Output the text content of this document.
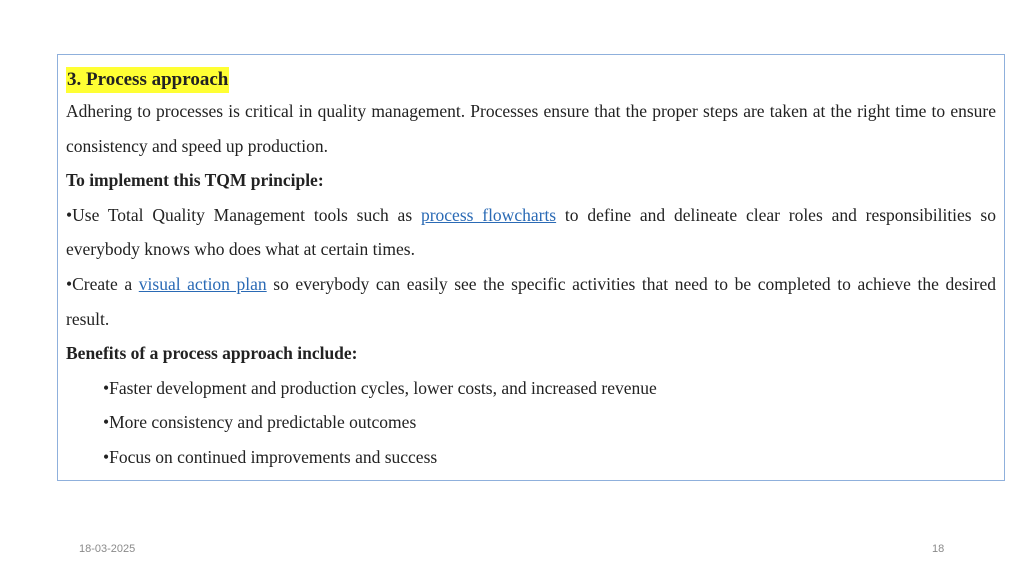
3. Process approach

Adhering to processes is critical in quality management. Processes ensure that the proper steps are taken at the right time to ensure consistency and speed up production.

To implement this TQM principle:

•Use Total Quality Management tools such as process flowcharts to define and delineate clear roles and responsibilities so everybody knows who does what at certain times.

•Create a visual action plan so everybody can easily see the specific activities that need to be completed to achieve the desired result.

Benefits of a process approach include:

•Faster development and production cycles, lower costs, and increased revenue

•More consistency and predictable outcomes

•Focus on continued improvements and success

18-03-2025	18
